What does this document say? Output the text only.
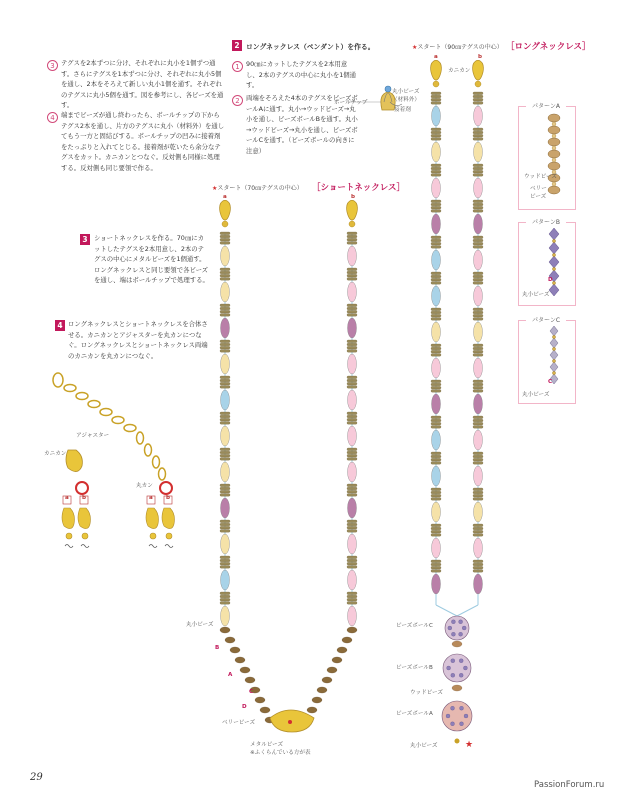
3 テグスを2本ずつに分け、それぞれに丸小を1個ずつ通す。さらにテグスを1本ずつに分け、それぞれに丸小5個を通し、2本をそろえて新しい丸小1個を通す。それぞれのテグスに丸小5個を通す。図を参考にし、各ビーズを通す。
4 端までビーズが通し終わったら、ボールチップの下からテグス2本を通し、片方のテグスに丸小（材料外）を通してもう一方と固結びする。ボールチップの凹みに接着剤をたっぷりと入れてとじる。接着剤が乾いたら余分なテグスをカット。カニカンとつなぐ。反対側も同様に処理する。反対側も同じ要領で作る。
2 ロングネックレス（ペンダント）を作る。
1 90㎝にカットしたテグスを2本用意し、2本のテグスの中心に丸小を1個通す。
2 両端をそろえた4本のテグスをビーズボールAに通す。丸小→ウッドビーズ→丸小を通し、ビーズボールBを通す。丸小→ウッドビーズ→丸小を通し、ビーズボールCを通す。（ビーズボールの向きに注意）
丸小ビーズ
（材料外）
接着剤
ボールチップ
3 ショートネックレスを作る。70㎝にカットしたテグスを2本用意し、2本のテグスの中心にメタルビーズを1個通す。ロングネックレスと同じ要領で各ビーズを通し、端はボールチップで処理する。
4 ロングネックレスとショートネックレスを合体させる。カニカンとアジャスターを丸カンにつなぐ。ロングネックレスとショートネックレス両端のカニカンを丸カンにつなぐ。
アジャスター
カニカン
丸カン
a b	a b
★スタート（70㎝テグスの中心） ［ショートネックレス］
a	b
丸小ビーズ
B
A
D
C
ベリービーズ
メタルビーズ
※ふくらんでいる方が表
★スタート（90㎝テグスの中心） ［ロングネックレス］
a	b
カニカン
★
ビーズボールC
ビーズボールB
ウッドビーズ
ビーズボールA
丸小ビーズ
パターンA
ウッドビーズ
ベリービーズ
パターンB
D
丸小ビーズ
パターンC
C
丸小ビーズ
29
PassionForum.ru
